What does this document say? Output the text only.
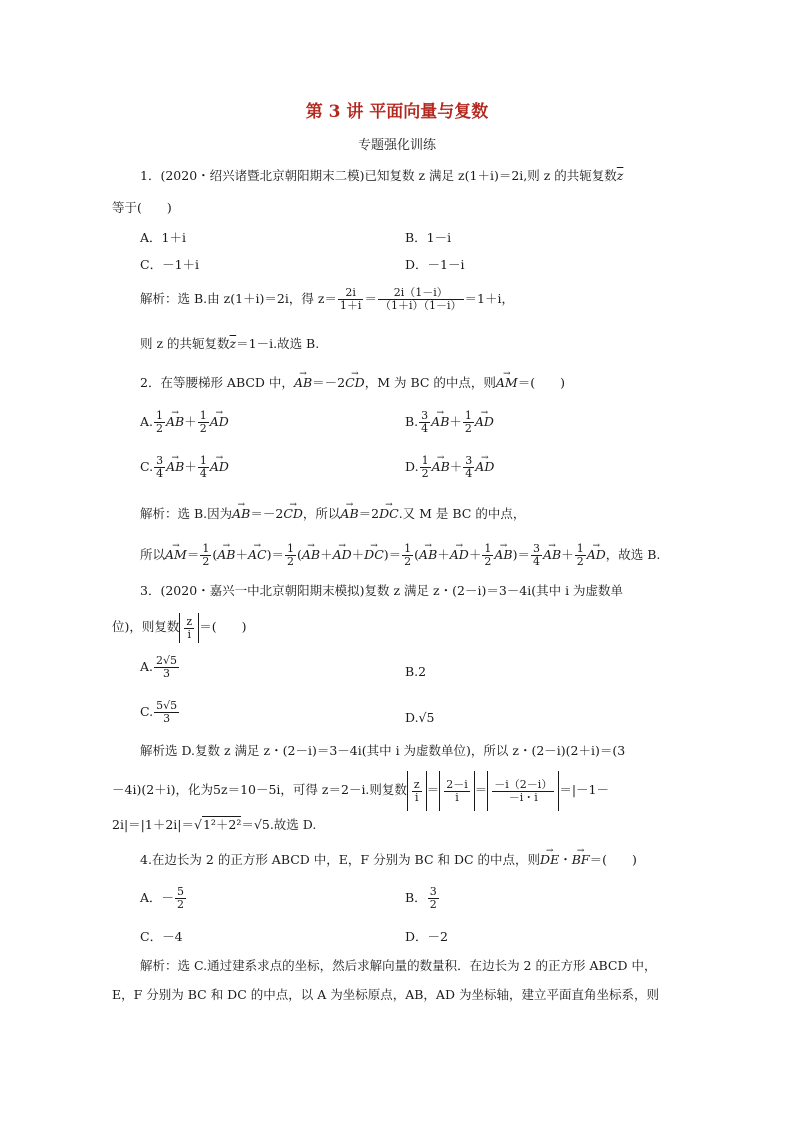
第 3 讲 平面向量与复数
专题强化训练
1．(2020・绍兴诸暨北京朝阳期末二模)已知复数 z 满足 z(1＋i)＝2i,则 z 的共轭复数$\overline{z}$
等于(　　)
A．1＋i	B．1－i
C．－1＋i	D．－1－i
解析：选 B.由 z(1＋i)＝2i，得 $z= \frac{2i}{1+i} = \frac{2i(1-i)}{(1+i)(1-i)} =1+i$，
则 z 的共轭复数$\overline{z}=1-i$.故选 B.
2．在等腰梯形 ABCD 中，→ AB＝－2→ CD，M 为 BC 的中点，则→ AM＝(　　)
A. $\frac{1}{2} \to AB+ \frac{1}{2}$ → AD	B. $\frac{3}{4} \to AB+ \frac{1}{2}$ → AD
C. $\frac{3}{4} \to AB+ \frac{1}{4}$ → AD	D. $\frac{1}{2} \to AB+ \frac{3}{4}$ → AD
解析：选 B.因为→ AB＝－2→ CD，所以→ AB＝2→ DC.又 M 是 BC 的中点，
所以→ $AM= \frac{1}{2}$ (→ $AB+\to AC)= \frac{1}{2}$ (→ $AB+\to AD+\to DC)= \frac{1}{2}$ (→ $AB+\to AD+ \frac{1}{2} \to AB)= \frac{3}{4} \to AB+ \frac{1}{2}$ → AD，故选 B.
3．(2020・嘉兴一中北京朝阳期末模拟)复数 z 满足 z・(2－i)＝3－4i(其中 i 为虚数单
位)，则复数 $\frac{z}{i}$ ＝(　　)
A. $\frac{2√5}{3}$	B.2
C. $\frac{5√5}{3}$	D.√5
解析选 D.复数 z 满足 z・(2－i)＝3－4i(其中 i 为虚数单位)，所以 z・(2－i)(2＋i)＝(3
－4i)(2＋i)，化为5z＝10－5i，可得 z＝2－i.则复数 $\frac{z}{i} = \frac{2-i}{i} = \frac{-i(2-i)}{-i・i} =|-1-$
2i|＝|1＋2i|＝√1²＋2²＝√5.故选 D.
4.在边长为 2 的正方形 ABCD 中，E，F 分别为 BC 和 DC 的中点，则→ DE・→ BF＝(　　)
A．－ $\frac{5}{2}$	B． $\frac{3}{2}$
C．－4	D．－2
解析：选 C.通过建系求点的坐标，然后求解向量的数量积．在边长为 2 的正方形 ABCD 中，
E，F 分别为 BC 和 DC 的中点，以 A 为坐标原点，AB，AD 为坐标轴，建立平面直角坐标系，则
